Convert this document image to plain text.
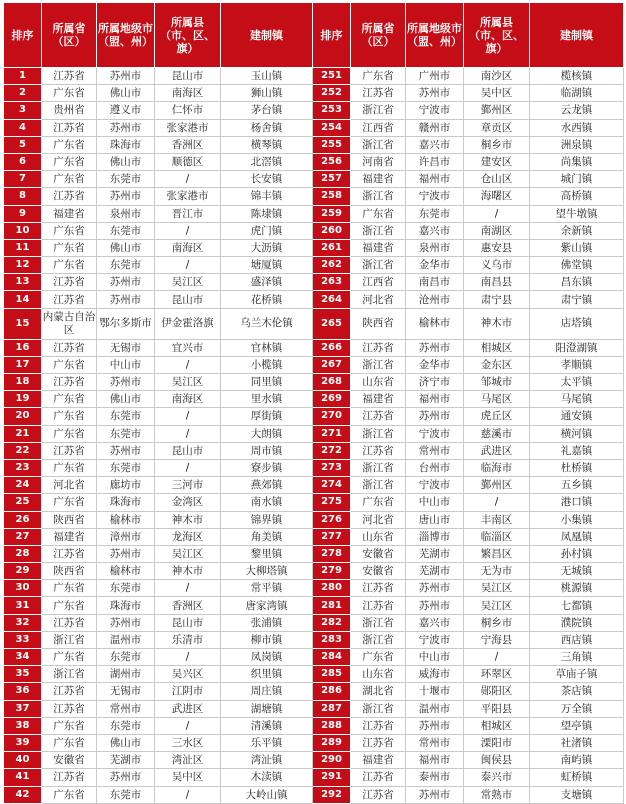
排序	所属省（区）	所属地级市（盟、州）	所属县（市、区、旗）	建制镇	排序	所属省（区）	所属地级市（盟、州）	所属县（市、区、旗）	建制镇
1	江苏省	苏州市	昆山市	玉山镇	251	广东省	广州市	南沙区	榄核镇
2	广东省	佛山市	南海区	狮山镇	252	江苏省	苏州市	吴中区	临湖镇
3	贵州省	遵义市	仁怀市	茅台镇	253	浙江省	宁波市	鄞州区	云龙镇
4	江苏省	苏州市	张家港市	杨舍镇	254	江西省	赣州市	章贡区	水西镇
5	广东省	珠海市	香洲区	横琴镇	255	浙江省	嘉兴市	桐乡市	洲泉镇
6	广东省	佛山市	顺德区	北滘镇	256	河南省	许昌市	建安区	尚集镇
7	广东省	东莞市	/	长安镇	257	福建省	福州市	仓山区	城门镇
8	江苏省	苏州市	张家港市	锦丰镇	258	浙江省	宁波市	海曙区	高桥镇
9	福建省	泉州市	晋江市	陈埭镇	259	广东省	东莞市	/	望牛墩镇
10	广东省	东莞市	/	虎门镇	260	浙江省	嘉兴市	南湖区	余新镇
11	广东省	佛山市	南海区	大沥镇	261	福建省	泉州市	惠安县	紫山镇
12	广东省	东莞市	/	塘厦镇	262	浙江省	金华市	义乌市	佛堂镇
13	江苏省	苏州市	吴江区	盛泽镇	263	江西省	南昌市	南昌县	昌东镇
14	江苏省	苏州市	昆山市	花桥镇	264	河北省	沧州市	肃宁县	肃宁镇
15	内蒙古自治区	鄂尔多斯市	伊金霍洛旗	乌兰木伦镇	265	陕西省	榆林市	神木市	店塔镇
16	江苏省	无锡市	宜兴市	官林镇	266	江苏省	苏州市	相城区	阳澄湖镇
17	广东省	中山市	/	小榄镇	267	浙江省	金华市	金东区	孝顺镇
18	江苏省	苏州市	吴江区	同里镇	268	山东省	济宁市	邹城市	太平镇
19	广东省	佛山市	南海区	里水镇	269	福建省	福州市	马尾区	马尾镇
20	广东省	东莞市	/	厚街镇	270	江苏省	苏州市	虎丘区	通安镇
21	广东省	东莞市	/	大朗镇	271	浙江省	宁波市	慈溪市	横河镇
22	江苏省	苏州市	昆山市	周市镇	272	江苏省	常州市	武进区	礼嘉镇
23	广东省	东莞市	/	寮步镇	273	浙江省	台州市	临海市	杜桥镇
24	河北省	廊坊市	三河市	燕郊镇	274	浙江省	宁波市	鄞州区	五乡镇
25	广东省	珠海市	金湾区	南水镇	275	广东省	中山市	/	港口镇
26	陕西省	榆林市	神木市	锦界镇	276	河北省	唐山市	丰南区	小集镇
27	福建省	漳州市	龙海区	角美镇	277	山东省	淄博市	临淄区	凤凰镇
28	江苏省	苏州市	吴江区	黎里镇	278	安徽省	芜湖市	繁昌区	孙村镇
29	陕西省	榆林市	神木市	大柳塔镇	279	安徽省	芜湖市	无为市	无城镇
30	广东省	东莞市	/	常平镇	280	江苏省	苏州市	吴江区	桃源镇
31	广东省	珠海市	香洲区	唐家湾镇	281	江苏省	苏州市	吴江区	七都镇
32	江苏省	苏州市	昆山市	张浦镇	282	浙江省	嘉兴市	桐乡市	濮院镇
33	浙江省	温州市	乐清市	柳市镇	283	浙江省	宁波市	宁海县	西店镇
34	广东省	东莞市	/	凤岗镇	284	广东省	中山市	/	三角镇
35	浙江省	湖州市	吴兴区	织里镇	285	山东省	威海市	环翠区	草庙子镇
36	江苏省	无锡市	江阴市	周庄镇	286	湖北省	十堰市	郧阳区	茶店镇
37	江苏省	常州市	武进区	湖塘镇	287	浙江省	温州市	平阳县	万全镇
38	广东省	东莞市	/	清溪镇	288	江苏省	苏州市	相城区	望亭镇
39	广东省	佛山市	三水区	乐平镇	289	江苏省	常州市	溧阳市	社渚镇
40	安徽省	芜湖市	湾沚区	湾沚镇	290	福建省	福州市	闽侯县	南屿镇
41	江苏省	苏州市	吴中区	木渎镇	291	江苏省	泰州市	泰兴市	虹桥镇
42	广东省	东莞市	/	大岭山镇	292	江苏省	苏州市	常熟市	支塘镇
